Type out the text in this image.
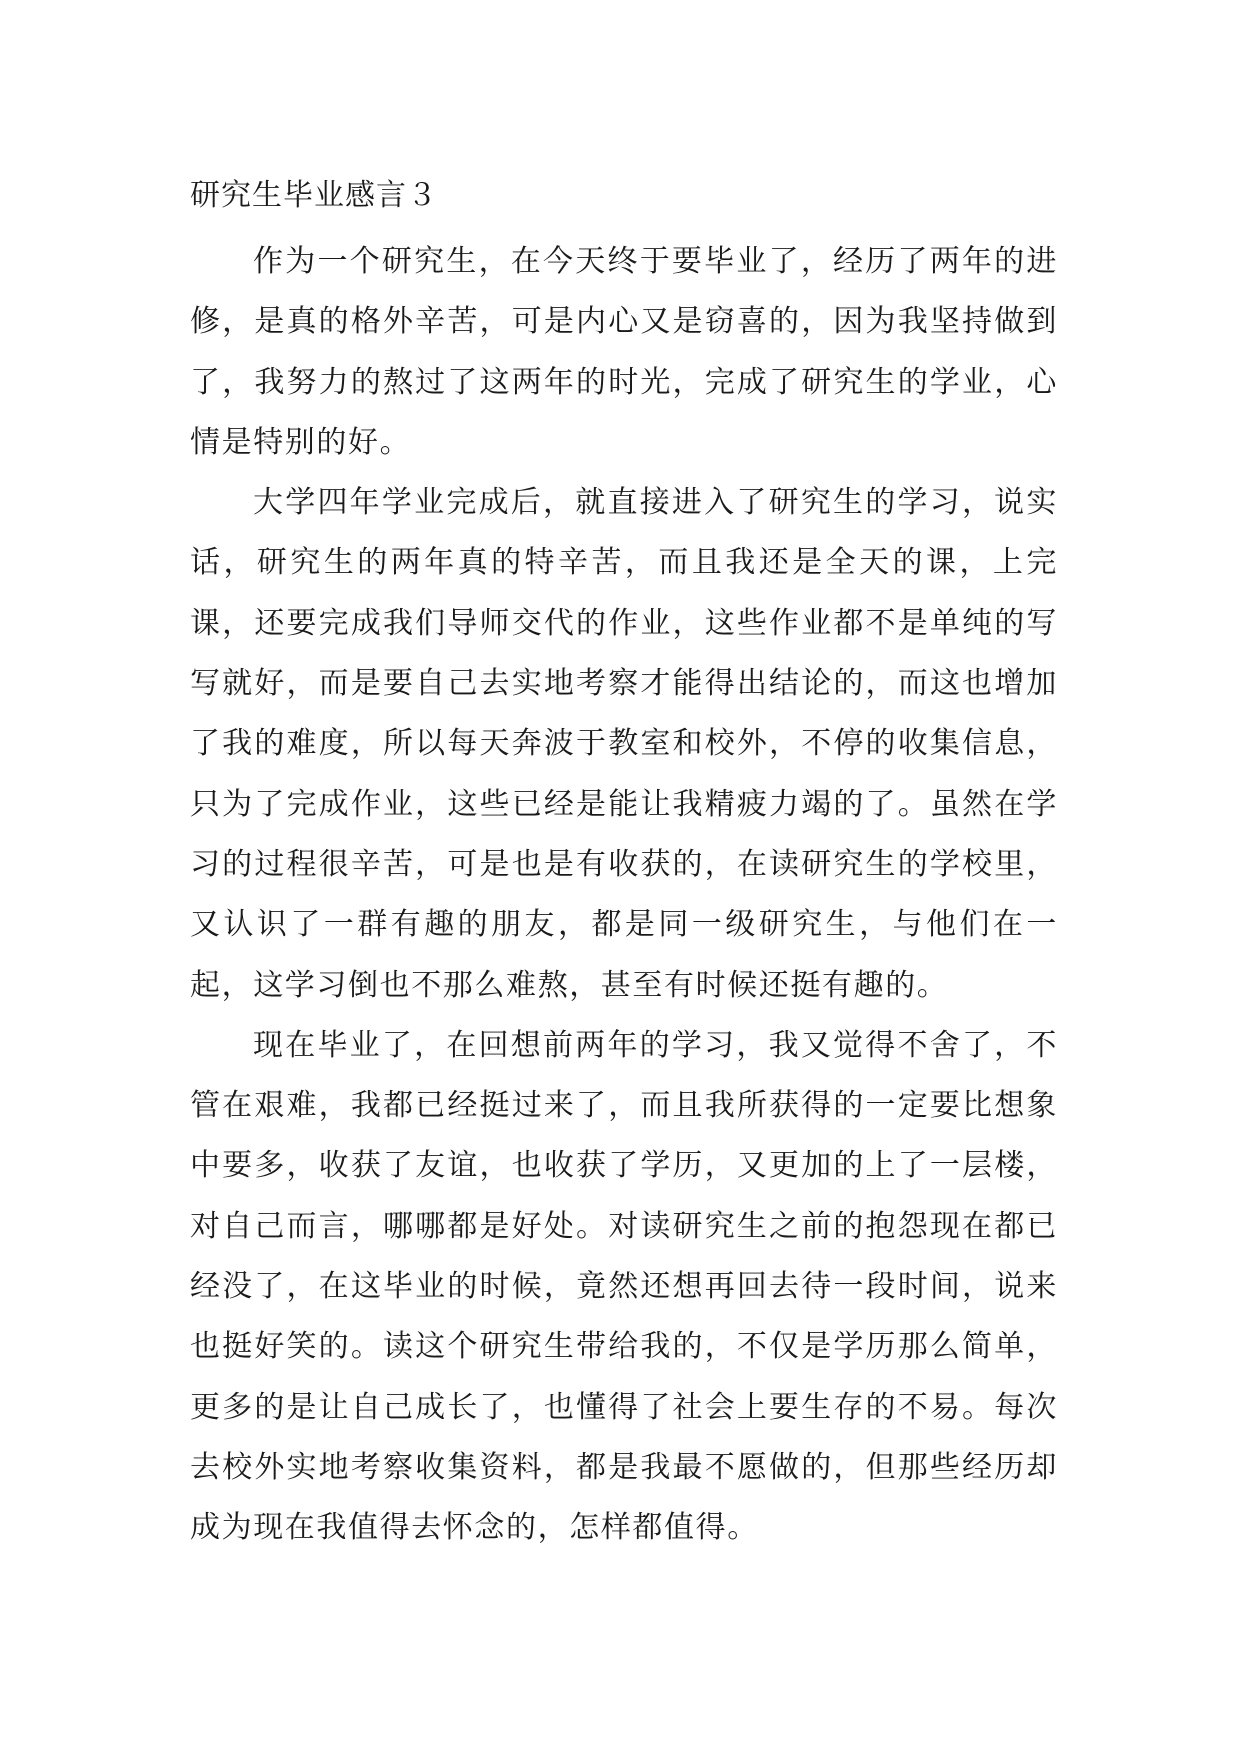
研究生毕业感言３

作为一个研究生，在今天终于要毕业了，经历了两年的进修，是真的格外辛苦，可是内心又是窃喜的，因为我坚持做到了，我努力的熬过了这两年的时光，完成了研究生的学业，心情是特别的好。

大学四年学业完成后，就直接进入了研究生的学习，说实话，研究生的两年真的特辛苦，而且我还是全天的课，上完课，还要完成我们导师交代的作业，这些作业都不是单纯的写写就好，而是要自己去实地考察才能得出结论的，而这也增加了我的难度，所以每天奔波于教室和校外，不停的收集信息，只为了完成作业，这些已经是能让我精疲力竭的了。虽然在学习的过程很辛苦，可是也是有收获的，在读研究生的学校里，又认识了一群有趣的朋友，都是同一级研究生，与他们在一起，这学习倒也不那么难熬，甚至有时候还挺有趣的。

现在毕业了，在回想前两年的学习，我又觉得不舍了，不管在艰难，我都已经挺过来了，而且我所获得的一定要比想象中要多，收获了友谊，也收获了学历，又更加的上了一层楼，对自己而言，哪哪都是好处。对读研究生之前的抱怨现在都已经没了，在这毕业的时候，竟然还想再回去待一段时间，说来也挺好笑的。读这个研究生带给我的，不仅是学历那么简单，更多的是让自己成长了，也懂得了社会上要生存的不易。每次去校外实地考察收集资料，都是我最不愿做的，但那些经历却成为现在我值得去怀念的，怎样都值得。
